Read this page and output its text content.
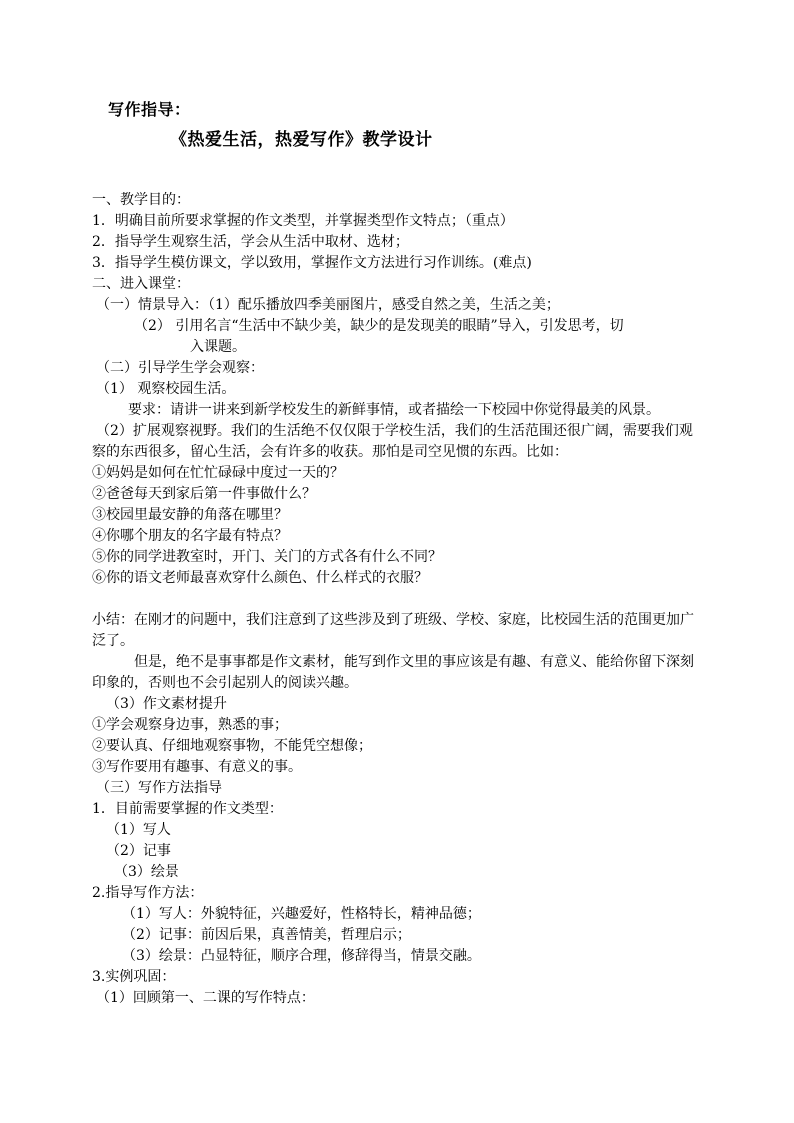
写作指导：
《热爱生活，热爱写作》教学设计
一、教学目的：
1．明确目前所要求掌握的作文类型，并掌握类型作文特点；（重点）
2．指导学生观察生活，学会从生活中取材、选材；
3．指导学生模仿课文，学以致用，掌握作文方法进行习作训练。(难点)
二、进入课堂：
（一）情景导入：（1）配乐播放四季美丽图片，感受自然之美，生活之美；
（2） 引用名言“生活中不缺少美，缺少的是发现美的眼睛”导入，引发思考，切
入课题。
（二）引导学生学会观察：
（1） 观察校园生活。
要求：请讲一讲来到新学校发生的新鲜事情，或者描绘一下校园中你觉得最美的风景。
（2）扩展观察视野。我们的生活绝不仅仅限于学校生活，我们的生活范围还很广阔，需要我们观察的东西很多，留心生活，会有许多的收获。那怕是司空见惯的东西。比如：
①妈妈是如何在忙忙碌碌中度过一天的？
②爸爸每天到家后第一件事做什么？
③校园里最安静的角落在哪里？
④你哪个朋友的名字最有特点？
⑤你的同学进教室时，开门、关门的方式各有什么不同？
⑥你的语文老师最喜欢穿什么颜色、什么样式的衣服？
小结：在刚才的问题中，我们注意到了这些涉及到了班级、学校、家庭，比校园生活的范围更加广泛了。
但是，绝不是事事都是作文素材，能写到作文里的事应该是有趣、有意义、能给你留下深刻印象的，否则也不会引起别人的阅读兴趣。
（3）作文素材提升
①学会观察身边事，熟悉的事；
②要认真、仔细地观察事物，不能凭空想像；
③写作要用有趣事、有意义的事。
（三）写作方法指导
1．目前需要掌握的作文类型：
（1）写人
（2）记事
（3）绘景
2.指导写作方法：
（1）写人：外貌特征，兴趣爱好，性格特长，精神品德；
（2）记事：前因后果，真善情美，哲理启示；
（3）绘景：凸显特征，顺序合理，修辞得当，情景交融。
3.实例巩固：
（1）回顾第一、二课的写作特点：
